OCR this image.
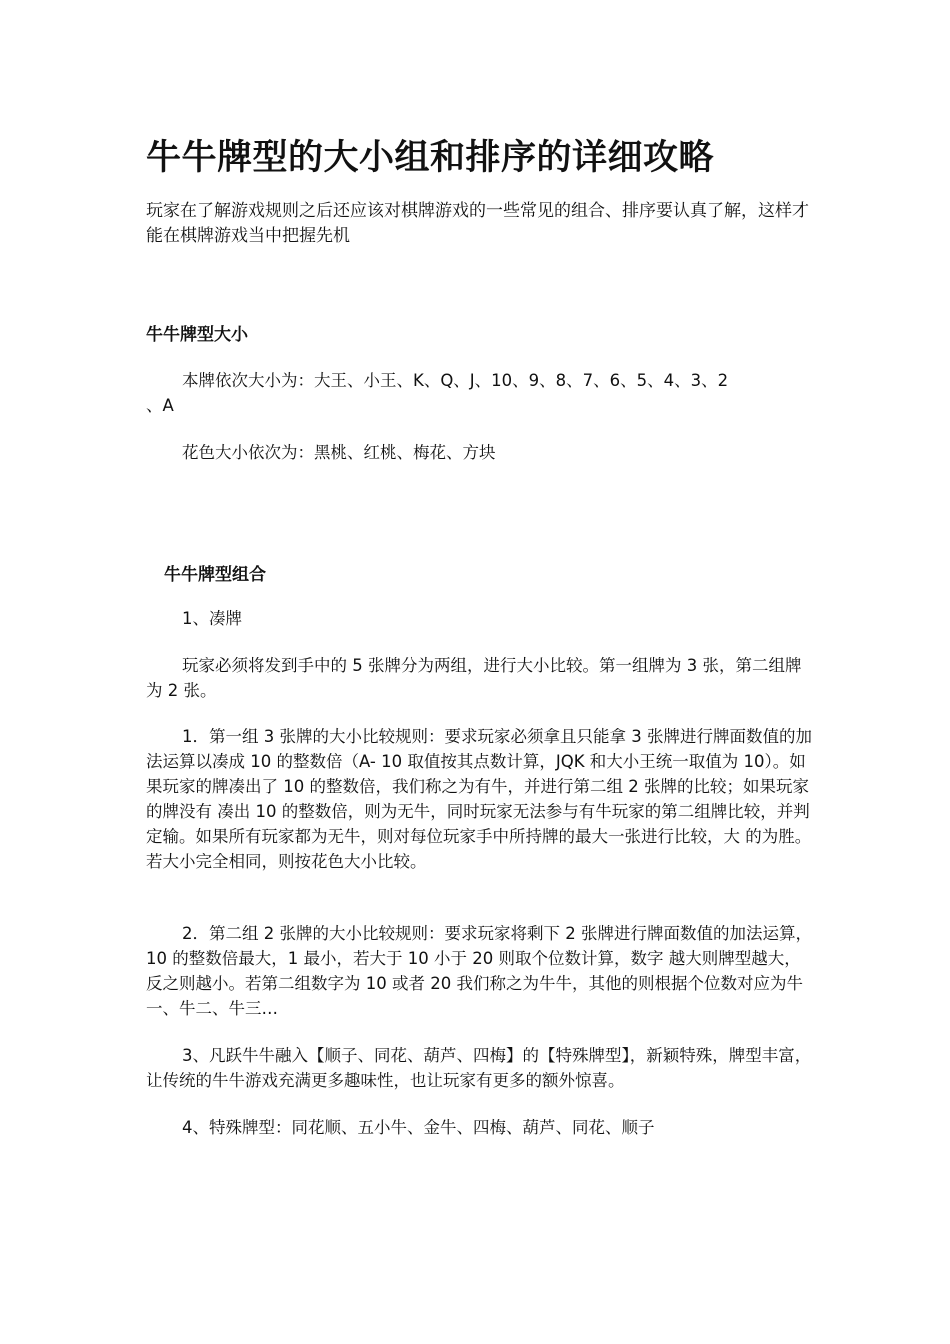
牛牛牌型的大小组和排序的详细攻略
玩家在了解游戏规则之后还应该对棋牌游戏的一些常见的组合、排序要认真了解，这样才能在棋牌游戏当中把握先机
牛牛牌型大小
本牌依次大小为：大王、小王、K、Q、J、10、9、8、7、6、5、4、3、2
、A
花色大小依次为：黑桃、红桃、梅花、方块
牛牛牌型组合
1、凑牌
玩家必须将发到手中的 5 张牌分为两组，进行大小比较。第一组牌为 3 张，第二组牌为 2 张。
1．第一组 3 张牌的大小比较规则：要求玩家必须拿且只能拿 3 张牌进行牌面数值的加法运算以凑成 10 的整数倍（A- 10 取值按其点数计算，JQK 和大小王统一取值为 10）。如果玩家的牌凑出了 10 的整数倍，我们称之为有牛，并进行第二组 2 张牌的比较；如果玩家的牌没有 凑出 10 的整数倍，则为无牛，同时玩家无法参与有牛玩家的第二组牌比较，并判定输。如果所有玩家都为无牛，则对每位玩家手中所持牌的最大一张进行比较，大 的为胜。若大小完全相同，则按花色大小比较。
2．第二组 2 张牌的大小比较规则：要求玩家将剩下 2 张牌进行牌面数值的加法运算，10 的整数倍最大，1 最小，若大于 10 小于 20 则取个位数计算，数字 越大则牌型越大，反之则越小。若第二组数字为 10 或者 20 我们称之为牛牛，其他的则根据个位数对应为牛一、牛二、牛三…
3、凡跃牛牛融入【顺子、同花、葫芦、四梅】的【特殊牌型】，新颖特殊，牌型丰富，让传统的牛牛游戏充满更多趣味性，也让玩家有更多的额外惊喜。
4、特殊牌型：同花顺、五小牛、金牛、四梅、葫芦、同花、顺子
